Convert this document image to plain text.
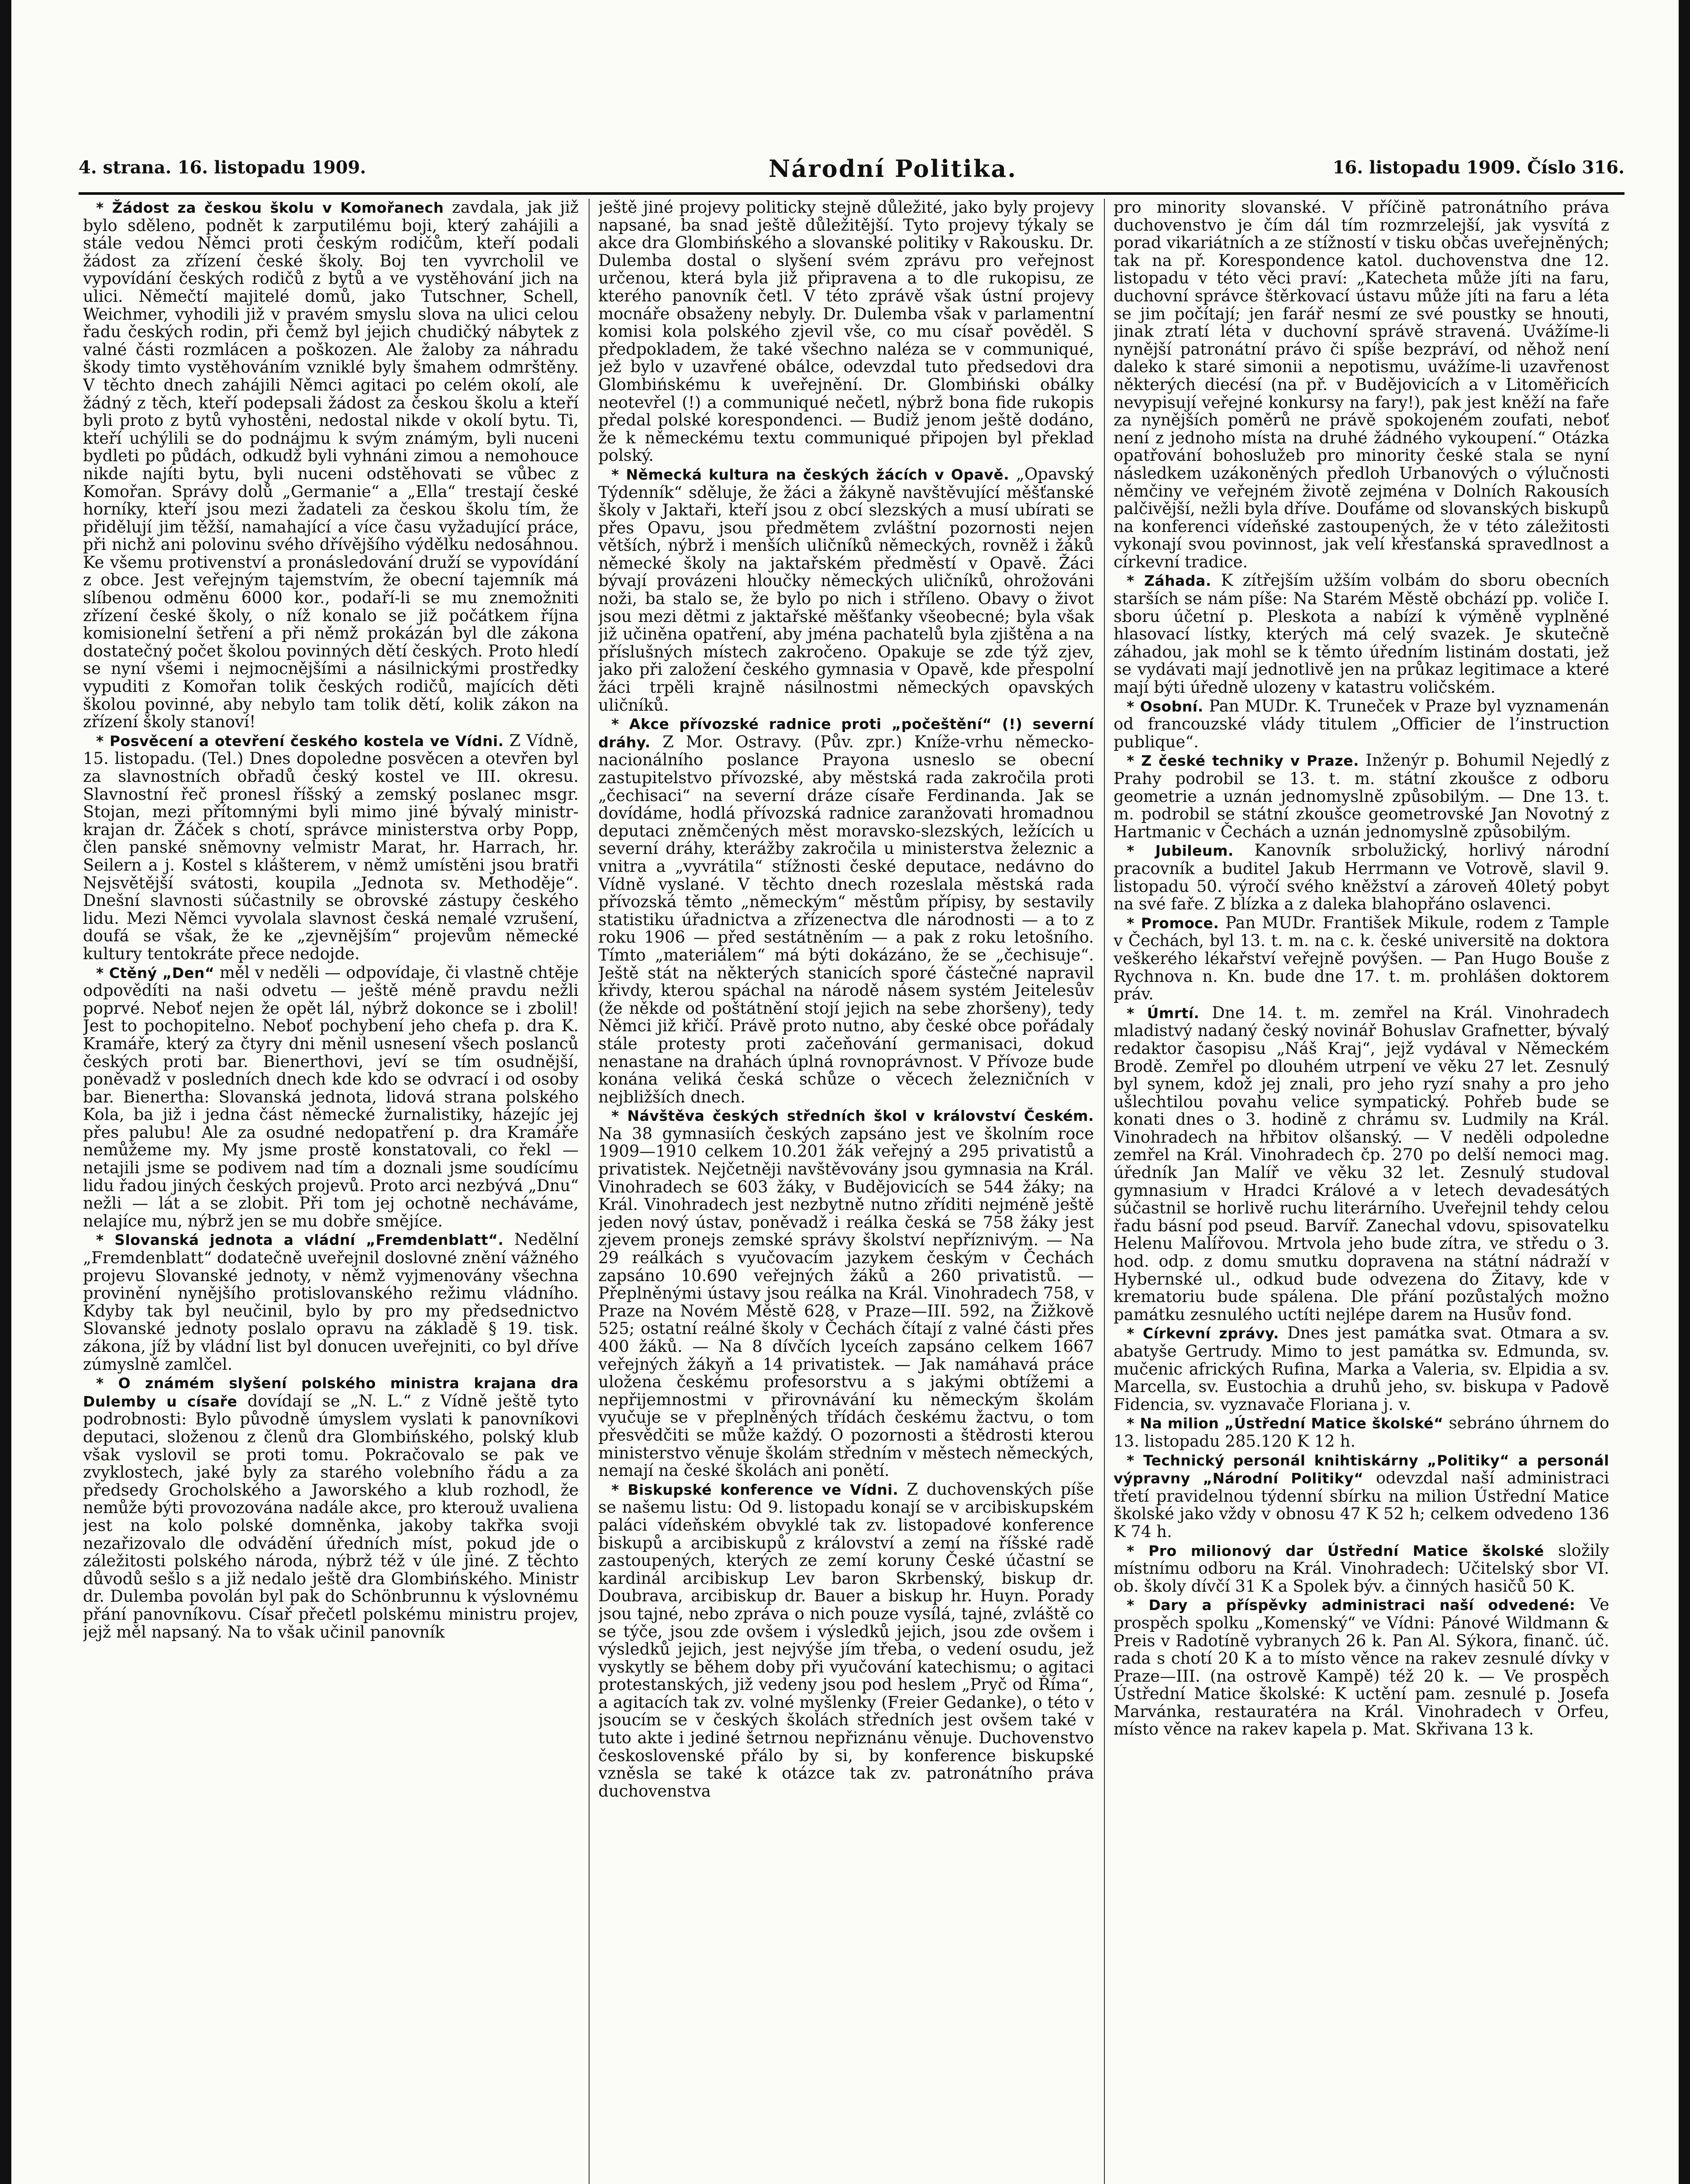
4. strana. 16. listopadu 1909.	Národní Politika.	16. listopadu 1909. Číslo 316.

* Žádost za českou školu v Komořanech zavdala, jak již bylo sděleno, podnět k zarputilému boji, který zahájili a stále vedou Němci proti českým rodičům, kteří podali žádost za zřízení české školy. Boj ten vyvrcholil ve vypovídání českých rodičů z bytů a ve vystěhování jich na ulici. Němečtí majitelé domů, jako Tutschner, Schell, Weichmer, vyhodili již v pravém smyslu slova na ulici celou řadu českých rodin, při čemž byl jejich chudičký nábytek z valné části rozmlácen a poškozen. Ale žaloby za náhradu škody timto vystěhováním vzniklé byly šmahem odmrštěny. V těchto dnech zahájili Němci agitaci po celém okolí, ale žádný z těch, kteří podepsali žádost za českou školu a kteří byli proto z bytů vyhostěni, nedostal nikde v okolí bytu. Ti, kteří uchýlili se do podnájmu k svým známým, byli nuceni bydleti po půdách, odkudž byli vyhnáni zimou a nemohouce nikde najíti bytu, byli nuceni odstěhovati se vůbec z Komořan. Správy dolů „Germanie“ a „Ella“ trestají české horníky, kteří jsou mezi žadateli za českou školu tím, že přidělují jim těžší, namahající a více času vyžadující práce, při nichž ani polovinu svého dřívějšího výdělku nedosáhnou. Ke všemu protivenství a pronásledování druží se vypovídání z obce. Jest veřejným tajemstvím, že obecní tajemník má slíbenou odměnu 6000 kor., podaří-li se mu znemožniti zřízení české školy, o níž konalo se již počátkem října komisionelní šetření a při němž prokázán byl dle zákona dostatečný počet školou povinných dětí českých. Proto hledí se nyní všemi i nejmocnějšími a násilnickými prostředky vypuditi z Komořan tolik českých rodičů, majících děti školou povinné, aby nebylo tam tolik dětí, kolik zákon na zřízení školy stanoví!

* Posvěcení a otevření českého kostela ve Vídni. Z Vídně, 15. listopadu. (Tel.) Dnes dopoledne posvěcen a otevřen byl za slavnostních obřadů český kostel ve III. okresu. Slavnostní řeč pronesl říšský a zemský poslanec msgr. Stojan, mezi přítomnými byli mimo jiné bývalý ministr-krajan dr. Žáček s chotí, správce ministerstva orby Popp, člen panské sněmovny velmistr Marat, hr. Harrach, hr. Seilern a j. Kostel s klášterem, v němž umístěni jsou bratři Nejsvětější svátosti, koupila „Jednota sv. Methoděje“. Dnešní slavnosti súčastnily se obrovské zástupy českého lidu. Mezi Němci vyvolala slavnost česká nemalé vzrušení, doufá se však, že ke „zjevnějším“ projevům německé kultury tentokráte přece nedojde.

* Ctěný „Den“ měl v neděli — odpovídaje, či vlastně chtěje odpovědíti na naši odvetu — ještě méně pravdu nežli poprvé. Neboť nejen že opět lál, nýbrž dokonce se i zbolil! Jest to pochopitelno. Neboť pochybení jeho chefa p. dra K. Kramáře, který za čtyry dni měnil usnesení všech poslanců českých proti bar. Bienerthovi, jeví se tím osudnější, poněvadž v posledních dnech kde kdo se odvrací i od osoby bar. Bienertha: Slovanská jednota, lidová strana polského Kola, ba již i jedna část německé žurnalistiky, házejíc jej přes palubu! Ale za osudné nedopatření p. dra Kramáře nemůžeme my. My jsme prostě konstatovali, co řekl — netajili jsme se podivem nad tím a doznali jsme soudícímu lidu řadou jiných českých projevů. Proto arci nezbývá „Dnu“ nežli — lát a se zlobit. Při tom jej ochotně necháváme, nelajíce mu, nýbrž jen se mu dobře smějíce.

* Slovanská jednota a vládní „Fremdenblatt“. Nedělní „Fremdenblatt“ dodatečně uveřejnil doslovné znění vážného projevu Slovanské jednoty, v němž vyjmenovány všechna provinění nynějšího protislovanského režimu vládního. Kdyby tak byl neučinil, bylo by pro my předsednictvo Slovanské jednoty poslalo opravu na základě § 19. tisk. zákona, jíž by vládní list byl donucen uveřejniti, co byl dříve zúmyslně zamlčel.

* O známém slyšení polského ministra krajana dra Dulemby u císaře dovídají se „N. L.“ z Vídně ještě tyto podrobnosti: Bylo původně úmyslem vyslati k panovníkovi deputaci, složenou z členů dra Glombińského, polský klub však vyslovil se proti tomu. Pokračovalo se pak ve zvyklostech, jaké byly za starého volebního řádu a za předsedy Grocholského a Jaworského a klub rozhodl, že nemůže býti provozována nadále akce, pro kterouž uvaliena jest na kolo polské domněnka, jakoby takřka svoji nezařizovalo dle odvádění úředních míst, pokud jde o záležitosti polského národa, nýbrž též v úle jiné. Z těchto důvodů sešlo s a již nedalo ještě dra Glombińského. Ministr dr. Dulemba povolán byl pak do Schönbrunnu k výslovnému přání panovníkovu. Císař přečetl polskému ministru projev, jejž měl napsaný. Na to však učinil panovník

ještě jiné projevy politicky stejně důležité, jako byly projevy napsané, ba snad ještě důležitější. Tyto projevy týkaly se akce dra Glombińského a slovanské politiky v Rakousku. Dr. Dulemba dostal o slyšení svém zprávu pro veřejnost určenou, která byla již připravena a to dle rukopisu, ze kterého panovník četl. V této zprávě však ústní projevy mocnáře obsaženy nebyly. Dr. Dulemba však v parlamentní komisi kola polského zjevil vše, co mu císař pověděl. S předpokladem, že také všechno naléza se v communiqué, jež bylo v uzavřené obálce, odevzdal tuto předsedovi dra Glombińskému k uveřejnění. Dr. Glombiński obálky neotevřel (!) a communiqué nečetl, nýbrž bona fide rukopis předal polské korespondenci. — Budiž jenom ještě dodáno, že k německému textu communiqué připojen byl překlad polský.

* Německá kultura na českých žácích v Opavě. „Opavský Týdenník“ sděluje, že žáci a žákyně navštěvující měšťanské školy v Jaktaři, kteří jsou z obcí slezských a musí ubírati se přes Opavu, jsou předmětem zvláštní pozornosti nejen větších, nýbrž i menších uličníků německých, rovněž i žáků německé školy na jaktařském předměstí v Opavě. Žáci bývají provázeni hloučky německých uličníků, ohrožováni noži, ba stalo se, že bylo po nich i stříleno. Obavy o život jsou mezi dětmi z jaktařské měšťanky všeobecné; byla však již učiněna opatření, aby jména pachatelů byla zjištěna a na příslušných místech zakročeno. Opakuje se zde týž zjev, jako při založení českého gymnasia v Opavě, kde přespolní žáci trpěli krajně násilnostmi německých opavských uličníků.

* Akce přívozské radnice proti „počeštění“ (!) severní dráhy. Z Mor. Ostravy. (Pův. zpr.) Kníže-vrhu německo-nacionálního poslance Prayona usneslo se obecní zastupitelstvo přívozské, aby městská rada zakročila proti „čechisaci“ na severní dráze císaře Ferdinanda. Jak se dovídáme, hodlá přívozská radnice zaranžovati hromadnou deputaci zněmčených měst moravsko-slezských, ležících u severní dráhy, kterážby zakročila u ministerstva železnic a vnitra a „vyvrátila“ stížnosti české deputace, nedávno do Vídně vyslané. V těchto dnech rozeslala městská rada přívozská těmto „německým“ městům přípisy, by sestavily statistiku úřadnictva a zřízenectva dle národnosti — a to z roku 1906 — před sestátněním — a pak z roku letošního. Tímto „materiálem“ má býti dokázáno, že se „čechisuje“. Ještě stát na některých stanicích sporé částečné napravil křivdy, kterou spáchal na národě násem systém Jeitelesův (že někde od poštátnění stojí jejich na sebe zhoršeny), tedy Němci již křičí. Právě proto nutno, aby české obce pořádaly stále protesty proti začeňování germanisaci, dokud nenastane na drahách úplná rovnoprávnost. V Přívoze bude konána veliká česká schůze o věcech železničních v nejbližších dnech.

* Návštěva českých středních škol v království Českém. Na 38 gymnasiích českých zapsáno jest ve školním roce 1909—1910 celkem 10.201 žák veřejný a 295 privatistů a privatistek. Nejčetněji navštěvovány jsou gymnasia na Král. Vinohradech se 603 žáky, v Budějovicích se 544 žáky; na Král. Vinohradech jest nezbytně nutno zříditi nejméně ještě jeden nový ústav, poněvadž i reálka česká se 758 žáky jest zjevem pronejs zemské správy školství nepříznivým. — Na 29 reálkách s vyučovacím jazykem českým v Čechách zapsáno 10.690 veřejných žáků a 260 privatistů. — Přeplněnými ústavy jsou reálka na Král. Vinohradech 758, v Praze na Novém Městě 628, v Praze—III. 592, na Žižkově 525; ostatní reálné školy v Čechách čítají z valné části přes 400 žáků. — Na 8 dívčích lyceích zapsáno celkem 1667 veřejných žákyň a 14 privatistek. — Jak namáhavá práce uložena českému profesorstvu a s jakými obtížemi a nepřijemnostmi v přirovnávání ku německým školám vyučuje se v přeplněných třídách českému žactvu, o tom přesvědčiti se může každý. O pozornosti a štědrosti kterou ministerstvo věnuje školám středním v městech německých, nemají na české školách ani ponětí.

* Biskupské konference ve Vídni. Z duchovenských píše se našemu listu: Od 9. listopadu konají se v arcibiskupském paláci vídeňském obvyklé tak zv. listopadové konference biskupů a arcibiskupů z království a zemí na říšské radě zastoupených, kterých ze zemí koruny České účastní se kardinál arcibiskup Lev baron Skrbenský, biskup dr. Doubrava, arcibiskup dr. Bauer a biskup hr. Huyn. Porady jsou tajné, nebo zpráva o nich pouze vysílá, tajné, zvláště co se týče, jsou zde ovšem i výsledků jejich, jsou zde ovšem i výsledků jejich, jest nejvýše jím třeba, o vedení osudu, jež vyskytly se během doby při vyučování katechismu; o agitaci protestanských, již vedeny jsou pod heslem „Pryč od Říma“, a agitacích tak zv. volné myšlenky (Freier Gedanke), o této v jsoucím se v českých školách středních jest ovšem také v tuto akte i jediné šetrnou nepřiznánu věnuje. Duchovenstvo československé přálo by si, by konference biskupské vzněsla se také k otázce tak zv. patronátního práva duchovenstva

pro minority slovanské. V příčině patronátního práva duchovenstvo je čím dál tím rozmrzelejší, jak vysvítá z porad vikariátních a ze stížností v tisku občas uveřejněných; tak na př. Korespondence katol. duchovenstva dne 12. listopadu v této věci praví: „Katecheta může jíti na faru, duchovní správce štěrkovací ústavu může jíti na faru a léta se jim počítají; jen farář nesmí ze své poustky se hnouti, jinak ztratí léta v duchovní správě stravená. Uvážíme-li nynější patronátní právo či spíše bezpráví, od něhož není daleko k staré simonii a nepotismu, uvážíme-li uzavřenost některých diecésí (na př. v Budějovicích a v Litoměřicích nevypisují veřejné konkursy na fary!), pak jest kněží na faře za nynějších poměrů ne právě spokojeném zoufati, neboť není z jednoho místa na druhé žádného vykoupení.“ Otázka opatřování bohoslužeb pro minority české stala se nyní následkem uzákoněných předloh Urbanových o výlučnosti němčiny ve veřejném životě zejména v Dolních Rakousích palčivější, nežli byla dříve. Doufáme od slovanských biskupů na konferenci vídeňské zastoupených, že v této záležitosti vykonají svou povinnost, jak velí křesťanská spravedlnost a církevní tradice.

* Záhada. K zítřejším užším volbám do sboru obecních starších se nám píše: Na Starém Městě obchází pp. voliče I. sboru účetní p. Pleskota a nabízí k výměně vyplněné hlasovací lístky, kterých má celý svazek. Je skutečně záhadou, jak mohl se k těmto úředním listinám dostati, jež se vydávati mají jednotlivě jen na průkaz legitimace a které mají býti úředně ulozeny v katastru voličském.

* Osobní. Pan MUDr. K. Truneček v Praze byl vyznamenán od francouzské vlády titulem „Officier de l’instruction publique“.

* Z české techniky v Praze. Inženýr p. Bohumil Nejedlý z Prahy podrobil se 13. t. m. státní zkoušce z odboru geometrie a uznán jednomyslně způsobilým. — Dne 13. t. m. podrobil se státní zkoušce geometrovské Jan Novotný z Hartmanic v Čechách a uznán jednomyslně způsobilým.

* Jubileum. Kanovník srbolužický, horlivý národní pracovník a buditel Jakub Herrmann ve Votrově, slavil 9. listopadu 50. výročí svého kněžství a zároveň 40letý pobyt na své faře. Z blízka a z daleka blahopřáno oslavenci.

* Promoce. Pan MUDr. František Mikule, rodem z Tample v Čechách, byl 13. t. m. na c. k. české universitě na doktora veškerého lékařství veřejně povýšen. — Pan Hugo Bouše z Rychnova n. Kn. bude dne 17. t. m. prohlášen doktorem práv.

* Úmrtí. Dne 14. t. m. zemřel na Král. Vinohradech mladistvý nadaný český novinář Bohuslav Grafnetter, bývalý redaktor časopisu „Náš Kraj“, jejž vydával v Německém Brodě. Zemřel po dlouhém utrpení ve věku 27 let. Zesnulý byl synem, kdož jej znali, pro jeho ryzí snahy a pro jeho ušlechtilou povahu velice sympatický. Pohřeb bude se konati dnes o 3. hodině z chrámu sv. Ludmily na Král. Vinohradech na hřbitov olšanský. — V neděli odpoledne zemřel na Král. Vinohradech čp. 270 po delší nemoci mag. úředník Jan Malíř ve věku 32 let. Zesnulý studoval gymnasium v Hradci Králové a v letech devadesátých súčastnil se horlivě ruchu literárního. Uveřejnil tehdy celou řadu básní pod pseud. Barvíř. Zanechal vdovu, spisovatelku Helenu Malířovou. Mrtvola jeho bude zítra, ve středu o 3. hod. odp. z domu smutku dopravena na státní nádraží v Hybernské ul., odkud bude odvezena do Žitavy, kde v krematoriu bude spálena. Dle přání pozůstalých možno památku zesnulého uctíti nejlépe darem na Husův fond.

* Církevní zprávy. Dnes jest památka svat. Otmara a sv. abatyše Gertrudy. Mimo to jest památka sv. Edmunda, sv. mučenic afrických Rufina, Marka a Valeria, sv. Elpidia a sv. Marcella, sv. Eustochia a druhů jeho, sv. biskupa v Padově Fidencia, sv. vyznavače Floriana j. v.

* Na milion „Ústřední Matice školské“ sebráno úhrnem do 13. listopadu 285.120 K 12 h.

* Technický personál knihtiskárny „Politiky“ a personál výpravny „Národní Politiky“ odevzdal naší administraci třetí pravidelnou týdenní sbírku na milion Ústřední Matice školské jako vždy v obnosu 47 K 52 h; celkem odvedeno 136 K 74 h.

* Pro milionový dar Ústřední Matice školské složily místnímu odboru na Král. Vinohradech: Učitelský sbor VI. ob. školy dívčí 31 K a Spolek býv. a činných hasičů 50 K.

* Dary a příspěvky administraci naší odvedené: Ve prospěch spolku „Komenský“ ve Vídni: Pánové Wildmann & Preis v Radotíně vybranych 26 k. Pan Al. Sýkora, finanč. úč. rada s chotí 20 K a to místo věnce na rakev zesnulé dívky v Praze—III. (na ostrově Kampě) též 20 k. — Ve prospěch Ústřední Matice školské: K uctění pam. zesnulé p. Josefa Marvánka, restauratéra na Král. Vinohradech v Orfeu, místo věnce na rakev kapela p. Mat. Skřivana 13 k.
